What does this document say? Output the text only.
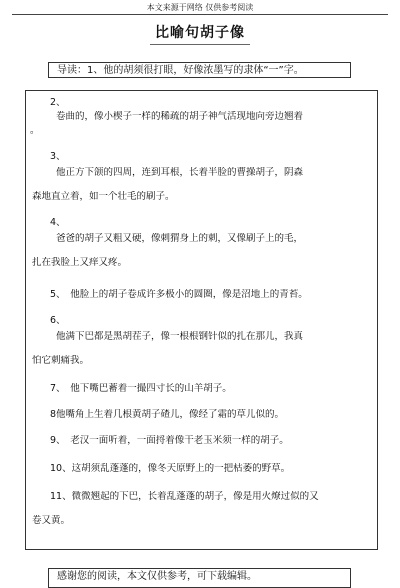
本文来源于网络 仅供参考阅读
比喻句胡子像
导读：1、他的胡须很打眼，好像浓墨写的隶体“一”字。
2、
卷曲的，像小楔子一样的稀疏的胡子神气活现地向旁边翘着
。
3、
他正方下颌的四周，连到耳根，长着半脸的曹操胡子，阴森
森地直立着，如一个壮毛的刷子。
4、
爸爸的胡子又粗又硬，像刺猬身上的刺，又像刷子上的毛，
扎在我脸上又痒又疼。
5、　他脸上的胡子卷成许多极小的圆圈，像是沼地上的青苔。
6、
他满下巴都是黑胡茬子，像一根根钢针似的扎在那儿，我真
怕它刺痛我。
7、　他下嘴巴蓄着一撮四寸长的山羊胡子。
8他嘴角上生着几根黄胡子碴儿，像经了霜的草儿似的。
9、　老汉一面听着，一面捋着像干老玉米须一样的胡子。
10、这胡须乱蓬蓬的，像冬天原野上的一把枯萎的野草。
11、微微翘起的下巴，长着乱蓬蓬的胡子，像是用火燎过似的又
卷又黄。
感谢您的阅读，本文仅供参考，可下载编辑。
